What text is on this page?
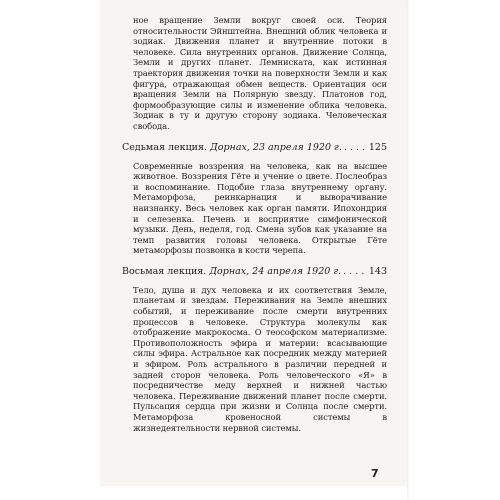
ное вращение Земли вокруг своей оси. Теория относительности Эйнштейна. Внешний облик человека и зодиак. Движения планет и внутренние потоки в человеке. Сила внутренних органов. Движение Солнца, Земли и других планет. Лемниската, как истинная траектория движения точки на поверхности Земли и как фигура, отражающая обмен веществ. Ориентация оси вращения Земли на Полярную звезду. Платонов год, формообразующие силы и изменение облика человека. Зодиак в ту и другую сторону зодиака. Человеческая свобода.

Седьмая лекция. Дорнах, 23 апреля 1920 г. . . .	125

Современные воззрения на человека, как на высшее животное. Воззрения Гёте и учение о цвете. Послеобраз и воспоминание. Подобие глаза внутреннему органу. Метаморфоза, реинкарнация и выворачивание наизнанку. Весь человек как орган памяти. Ипохондрия и селезенка. Печень и восприятие симфонической музыки. День, неделя, год. Смена зубов как указание на темп развития головы человека. Открытые Гёте метаморфозы позвонка в кости черепа.

Восьмая лекция. Дорнах, 24 апреля 1920 г. . . .	143

Тело, душа и дух человека и их соответствия Земле, планетам и звездам. Переживания на Земле внешних событий, и переживание после смерти внутренних процессов в человеке. Структура молекулы как отображение макрокосма. О теософском материализме. Противоположность эфира и материи: всасывающие силы эфира. Астральное как посредник между материей и эфиром. Роль астрального в различии передней и задней сторон человека. Роль человеческого «Я» в посредничестве меду верхней и нижней частью человека. Переживание движений планет после смерти. Пульсация сердца при жизни и Солнца после смерти. Метаморфоза кровеносной системы в жизнедеятельности нервной системы.

7
